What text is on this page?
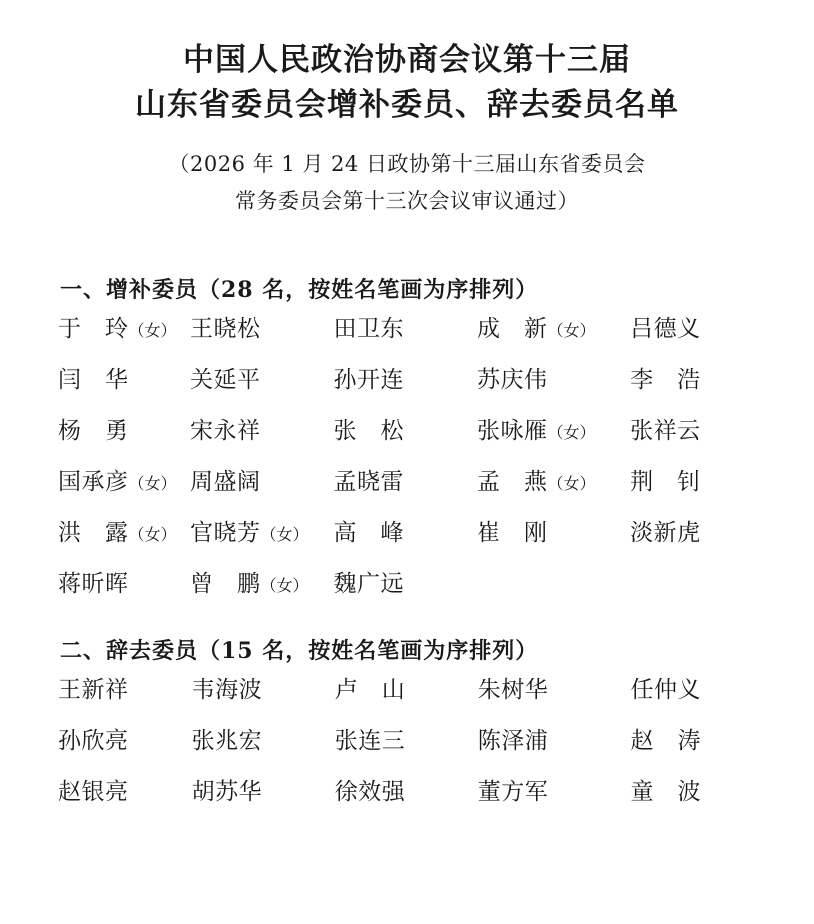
中国人民政治协商会议第十三届
山东省委员会增补委员、辞去委员名单
（2026 年 1 月 24 日政协第十三届山东省委员会
常务委员会第十三次会议审议通过）
一、增补委员（28 名，按姓名笔画为序排列）
于　玲（女） 王晓松	田卫东	成　新（女）	吕德义
闫　华	关延平	孙开连	苏庆伟	李　浩
杨　勇	宋永祥	张　松	张咏雁（女）	张祥云
国承彦（女） 周盛阔	孟晓雷	孟　燕（女）	荆　钊
洪　露（女） 官晓芳（女）	高　峰	崔　刚	淡新虎
蒋昕晖	曾　鹏（女）	魏广远
二、辞去委员（15 名，按姓名笔画为序排列）
王新祥	韦海波	卢　山	朱树华	任仲义
孙欣亮	张兆宏	张连三	陈泽浦	赵　涛
赵银亮	胡苏华	徐效强	董方军	童　波
